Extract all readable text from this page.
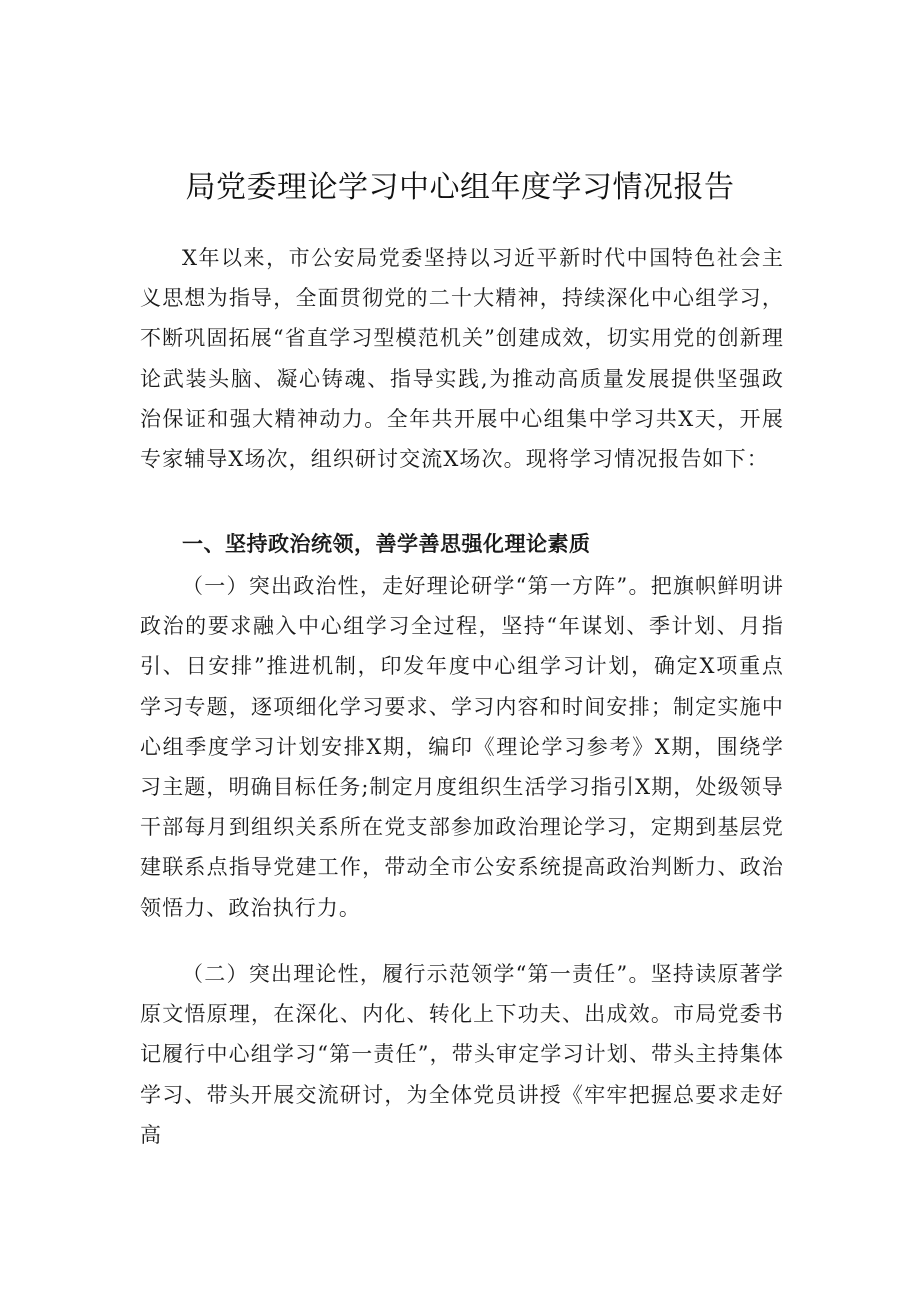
局党委理论学习中心组年度学习情况报告

X年以来，市公安局党委坚持以习近平新时代中国特色社会主义思想为指导，全面贯彻党的二十大精神，持续深化中心组学习，不断巩固拓展“省直学习型模范机关”创建成效，切实用党的创新理论武装头脑、凝心铸魂、指导实践,为推动高质量发展提供坚强政治保证和强大精神动力。全年共开展中心组集中学习共X天，开展专家辅导X场次，组织研讨交流X场次。现将学习情况报告如下：

一、坚持政治统领，善学善思强化理论素质

（一）突出政治性，走好理论研学“第一方阵”。把旗帜鲜明讲政治的要求融入中心组学习全过程，坚持“年谋划、季计划、月指引、日安排”推进机制，印发年度中心组学习计划，确定X项重点学习专题，逐项细化学习要求、学习内容和时间安排；制定实施中心组季度学习计划安排X期，编印《理论学习参考》X期，围绕学习主题，明确目标任务;制定月度组织生活学习指引X期，处级领导干部每月到组织关系所在党支部参加政治理论学习，定期到基层党建联系点指导党建工作，带动全市公安系统提高政治判断力、政治领悟力、政治执行力。

（二）突出理论性，履行示范领学“第一责任”。坚持读原著学原文悟原理，在深化、内化、转化上下功夫、出成效。市局党委书记履行中心组学习“第一责任”，带头审定学习计划、带头主持集体学习、带头开展交流研讨，为全体党员讲授《牢牢把握总要求走好高
